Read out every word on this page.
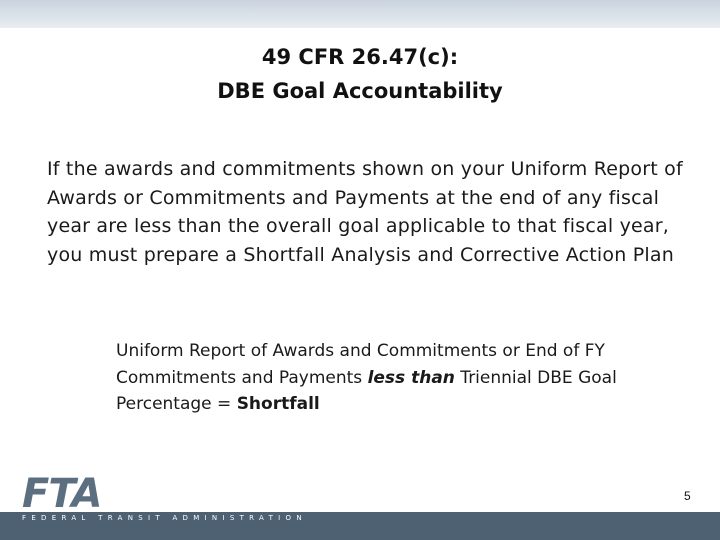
49 CFR 26.47(c):
DBE Goal Accountability
If the awards and commitments shown on your Uniform Report of Awards or Commitments and Payments at the end of any fiscal year are less than the overall goal applicable to that fiscal year, you must prepare a Shortfall Analysis and Corrective Action Plan
Uniform Report of Awards and Commitments or End of FY Commitments and Payments less than Triennial DBE Goal Percentage = Shortfall
FTA
FEDERAL TRANSIT ADMINISTRATION
5
